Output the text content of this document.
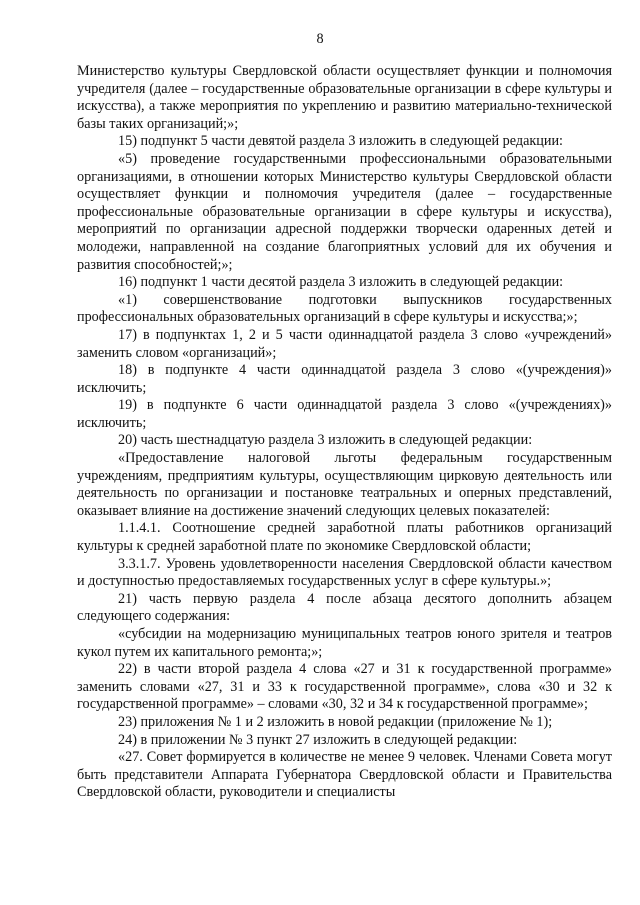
8

Министерство культуры Свердловской области осуществляет функции и полномочия учредителя (далее – государственные образовательные организации в сфере культуры и искусства), а также мероприятия по укреплению и развитию материально-технической базы таких организаций;»;

15) подпункт 5 части девятой раздела 3 изложить в следующей редакции:

«5) проведение государственными профессиональными образовательными организациями, в отношении которых Министерство культуры Свердловской области осуществляет функции и полномочия учредителя (далее – государственные профессиональные образовательные организации в сфере культуры и искусства), мероприятий по организации адресной поддержки творчески одаренных детей и молодежи, направленной на создание благоприятных условий для их обучения и развития способностей;»;

16) подпункт 1 части десятой раздела 3 изложить в следующей редакции:

«1) совершенствование подготовки выпускников государственных профессиональных образовательных организаций в сфере культуры и искусства;»;

17) в подпунктах 1, 2 и 5 части одиннадцатой раздела 3 слово «учреждений» заменить словом «организаций»;

18) в подпункте 4 части одиннадцатой раздела 3 слово «(учреждения)» исключить;

19) в подпункте 6 части одиннадцатой раздела 3 слово «(учреждениях)» исключить;

20) часть шестнадцатую раздела 3 изложить в следующей редакции:

«Предоставление налоговой льготы федеральным государственным учреждениям, предприятиям культуры, осуществляющим цирковую деятельность или деятельность по организации и постановке театральных и оперных представлений, оказывает влияние на достижение значений следующих целевых показателей:

1.1.4.1. Соотношение средней заработной платы работников организаций культуры к средней заработной плате по экономике Свердловской области;

3.3.1.7. Уровень удовлетворенности населения Свердловской области качеством и доступностью предоставляемых государственных услуг в сфере культуры.»;

21) часть первую раздела 4 после абзаца десятого дополнить абзацем следующего содержания:

«субсидии на модернизацию муниципальных театров юного зрителя и театров кукол путем их капитального ремонта;»;

22) в части второй раздела 4 слова «27 и 31 к государственной программе» заменить словами «27, 31 и 33 к государственной программе», слова «30 и 32 к государственной программе» – словами «30, 32 и 34 к государственной программе»;

23) приложения № 1 и 2 изложить в новой редакции (приложение № 1);

24) в приложении № 3 пункт 27 изложить в следующей редакции:

«27. Совет формируется в количестве не менее 9 человек. Членами Совета могут быть представители Аппарата Губернатора Свердловской области и Правительства Свердловской области, руководители и специалисты
